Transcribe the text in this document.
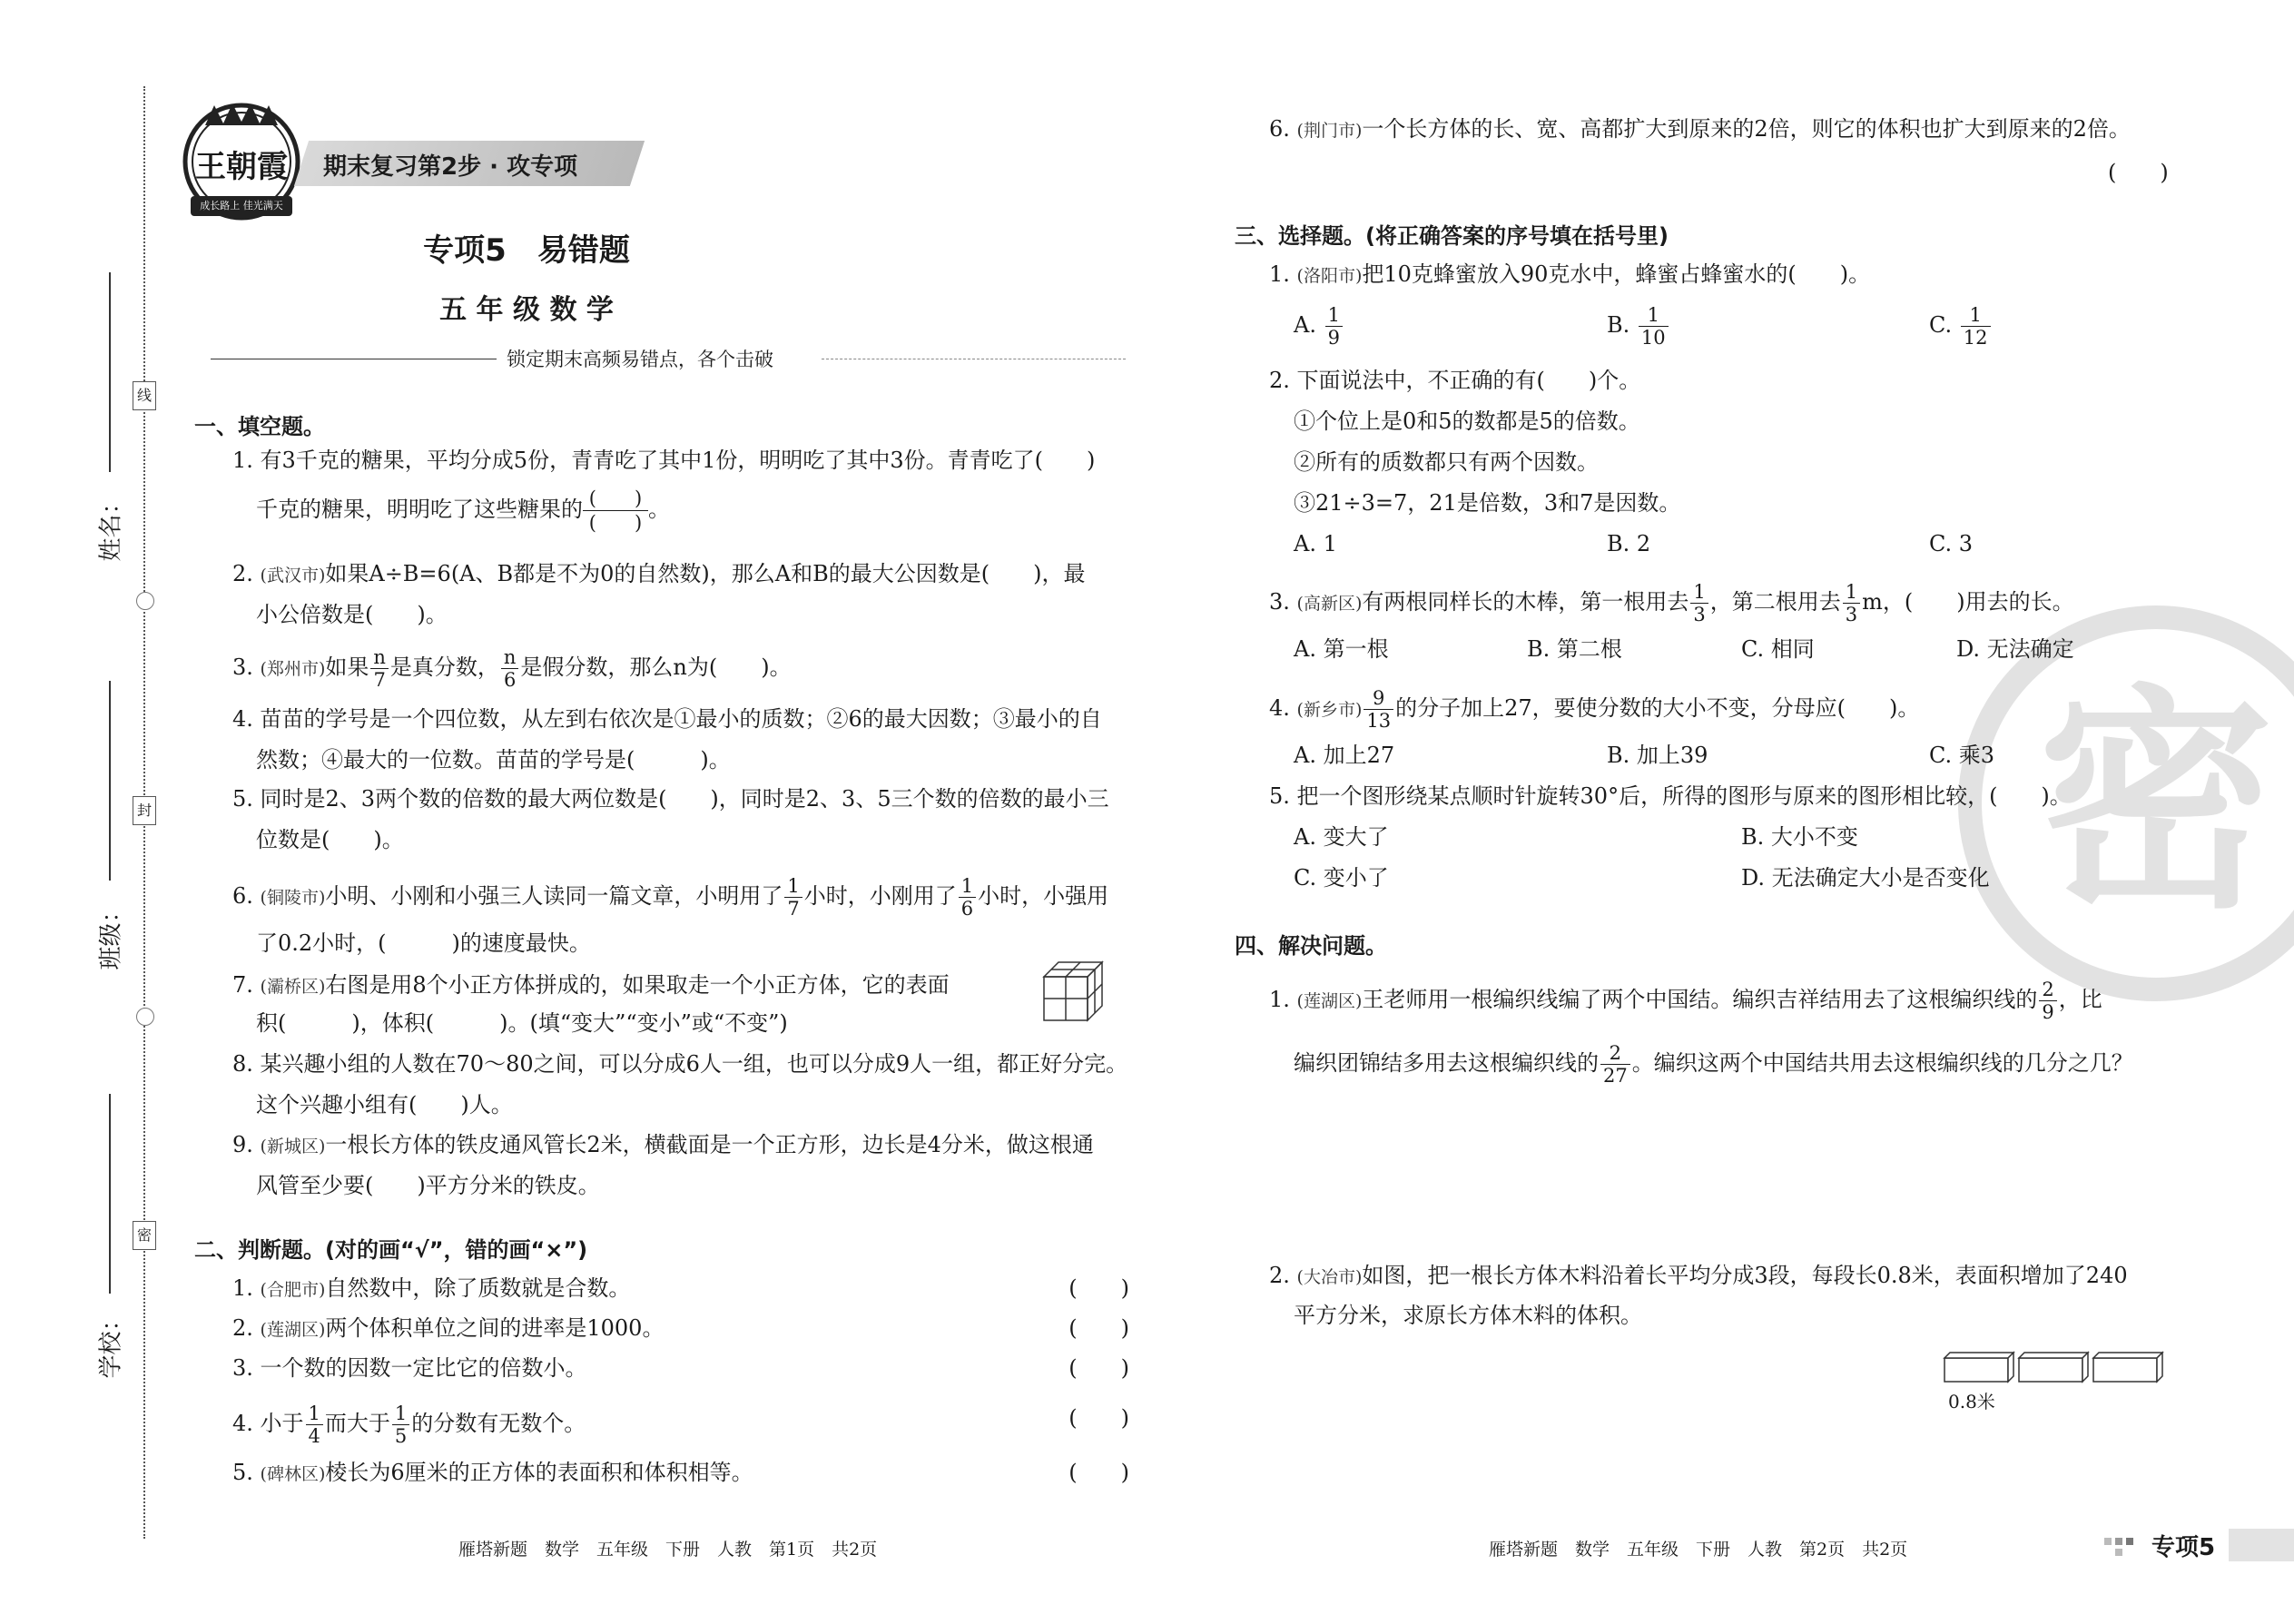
线
封
密
姓名：
班级：
学校：
王朝霞
成长路上 佳光满天
期末复习第2步 · 攻专项
专项5　易错题
五 年 级 数 学
锁定期末高频易错点，各个击破
一、填空题。
1. 有3千克的糖果，平均分成5份，青青吃了其中1份，明明吃了其中3份。青青吃了(　　)
千克的糖果，明明吃了这些糖果的 (　　)
(　　)。
2. (武汉市)如果A÷B=6(A、B都是不为0的自然数)，那么A和B的最大公因数是(　　)，最
小公倍数是(　　)。
3. (郑州市)如果 $\frac{n}{7}$ 是真分数， $\frac{n}{6}$ 是假分数，那么n为(　　)。
4. 苗苗的学号是一个四位数，从左到右依次是①最小的质数；②6的最大因数；③最小的自
然数；④最大的一位数。苗苗的学号是(　　　)。
5. 同时是2、3两个数的倍数的最大两位数是(　　)，同时是2、3、5三个数的倍数的最小三
位数是(　　)。
6. (铜陵市)小明、小刚和小强三人读同一篇文章，小明用了 $\frac{1}{7}$ 小时，小刚用了 $\frac{1}{6}$ 小时，小强用
了0.2小时，(　　　)的速度最快。
7. (灞桥区)右图是用8个小正方体拼成的，如果取走一个小正方体，它的表面
积(　　　)，体积(　　　)。(填“变大”“变小”或“不变”)
8. 某兴趣小组的人数在70～80之间，可以分成6人一组，也可以分成9人一组，都正好分完。
这个兴趣小组有(　　)人。
9. (新城区)一根长方体的铁皮通风管长2米，横截面是一个正方形，边长是4分米，做这根通
风管至少要(　　)平方分米的铁皮。
二、判断题。(对的画“√”，错的画“×”)
1. (合肥市)自然数中，除了质数就是合数。	(　　)
2. (莲湖区)两个体积单位之间的进率是1000。	(　　)
3. 一个数的因数一定比它的倍数小。	(　　)
4. 小于 $\frac{1}{4}$ 而大于 $\frac{1}{5}$ 的分数有无数个。	(　　)
5. (碑林区)棱长为6厘米的正方体的表面积和体积相等。	(　　)
雁塔新题　数学　五年级　下册　人教　第1页　共2页
密
6. (荆门市)一个长方体的长、宽、高都扩大到原来的2倍，则它的体积也扩大到原来的2倍。
(　　)
三、选择题。(将正确答案的序号填在括号里)
1. (洛阳市)把10克蜂蜜放入90克水中，蜂蜜占蜂蜜水的(　　)。
A. $\frac{1}{9}$	B. $\frac{1}{10}$	C. $\frac{1}{12}$
2. 下面说法中，不正确的有(　　)个。
①个位上是0和5的数都是5的倍数。
②所有的质数都只有两个因数。
③21÷3=7，21是倍数，3和7是因数。
A. 1	B. 2	C. 3
3. (高新区)有两根同样长的木棒，第一根用去 $\frac{1}{3}$ ，第二根用去 $\frac{1}{3}$ m，(　　)用去的长。
A. 第一根	B. 第二根	C. 相同	D. 无法确定
4. (新乡市) $\frac{9}{13}$ 的分子加上27，要使分数的大小不变，分母应(　　)。
A. 加上27	B. 加上39	C. 乘3
5. 把一个图形绕某点顺时针旋转30°后，所得的图形与原来的图形相比较，(　　)。
A. 变大了	B. 大小不变
C. 变小了	D. 无法确定大小是否变化
四、解决问题。
1. (莲湖区)王老师用一根编织线编了两个中国结。编织吉祥结用去了这根编织线的 $\frac{2}{9}$ ，比
编织团锦结多用去这根编织线的 $\frac{2}{27}$ 。编织这两个中国结共用去这根编织线的几分之几？
2. (大冶市)如图，把一根长方体木料沿着长平均分成3段，每段长0.8米，表面积增加了240
平方分米，求原长方体木料的体积。
0.8米
雁塔新题　数学　五年级　下册　人教　第2页　共2页	专项5
